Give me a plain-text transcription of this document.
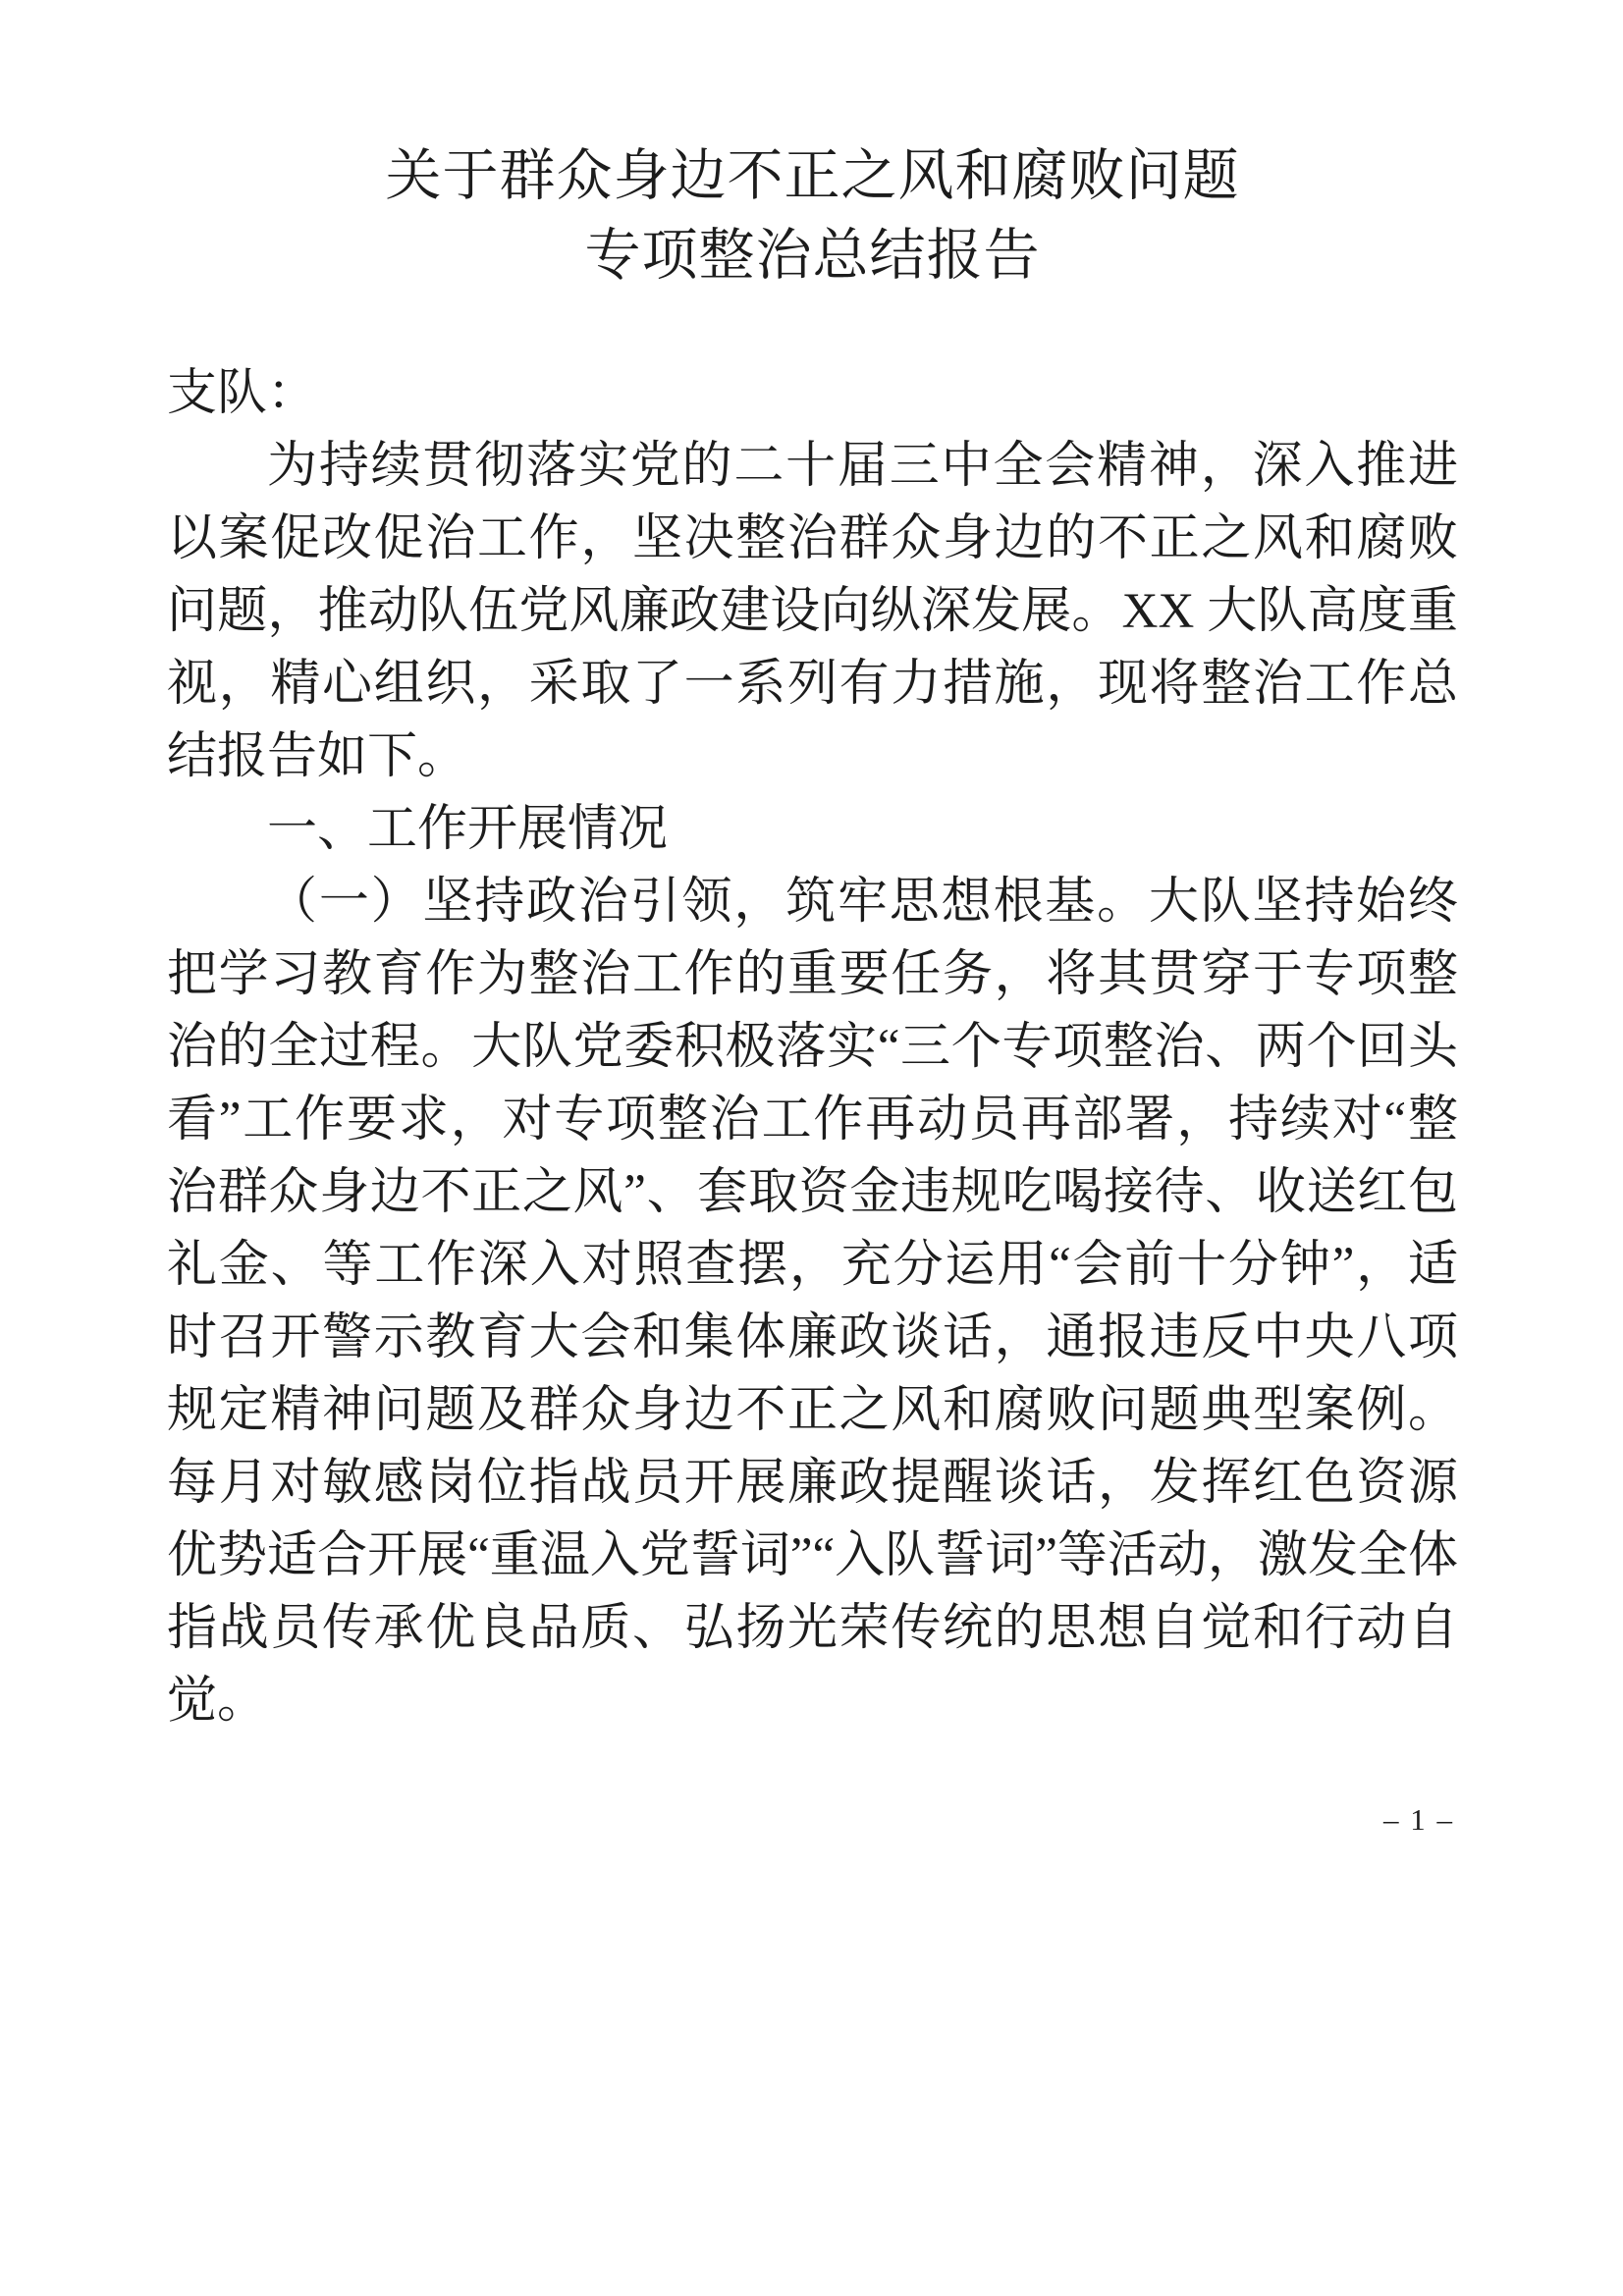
关于群众身边不正之风和腐败问题
专项整治总结报告

支队：

为持续贯彻落实党的二十届三中全会精神，深入推进以案促改促治工作，坚决整治群众身边的不正之风和腐败问题，推动队伍党风廉政建设向纵深发展。XX 大队高度重视，精心组织，采取了一系列有力措施，现将整治工作总结报告如下。

一、工作开展情况

（一）坚持政治引领，筑牢思想根基。大队坚持始终把学习教育作为整治工作的重要任务，将其贯穿于专项整治的全过程。大队党委积极落实“三个专项整治、两个回头看”工作要求，对专项整治工作再动员再部署，持续对“整治群众身边不正之风”、套取资金违规吃喝接待、收送红包礼金、等工作深入对照查摆，充分运用“会前十分钟”，适时召开警示教育大会和集体廉政谈话，通报违反中央八项规定精神问题及群众身边不正之风和腐败问题典型案例。每月对敏感岗位指战员开展廉政提醒谈话，发挥红色资源优势适合开展“重温入党誓词”“入队誓词”等活动，激发全体指战员传承优良品质、弘扬光荣传统的思想自觉和行动自觉。

– 1 –
